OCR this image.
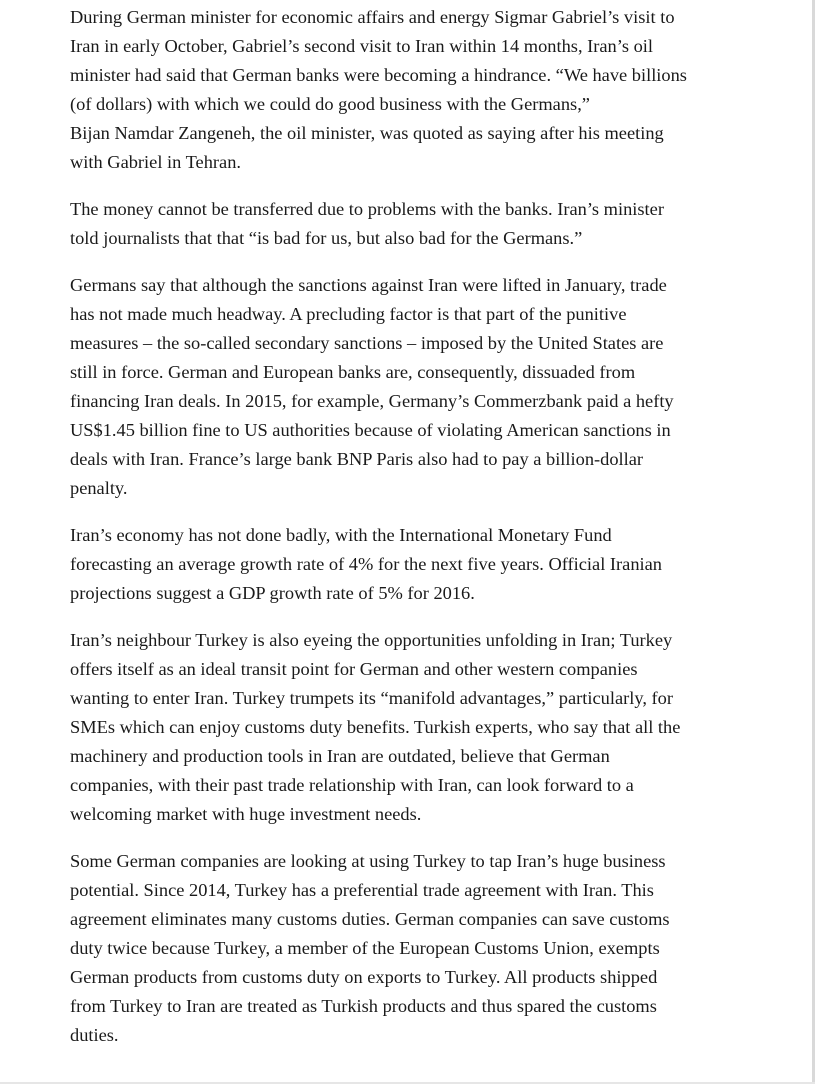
During German minister for economic affairs and energy Sigmar Gabriel’s visit to
Iran in early October, Gabriel’s second visit to Iran within 14 months, Iran’s oil
minister had said that German banks were becoming a hindrance. “We have billions
(of dollars) with which we could do good business with the Germans,”
Bijan Namdar Zangeneh, the oil minister, was quoted as saying after his meeting
with Gabriel in Tehran.

The money cannot be transferred due to problems with the banks. Iran’s minister
told journalists that that “is bad for us, but also bad for the Germans.”

Germans say that although the sanctions against Iran were lifted in January, trade
has not made much headway. A precluding factor is that part of the punitive
measures – the so-called secondary sanctions – imposed by the United States are
still in force. German and European banks are, consequently, dissuaded from
financing Iran deals. In 2015, for example, Germany’s Commerzbank paid a hefty
US$1.45 billion fine to US authorities because of violating American sanctions in
deals with Iran. France’s large bank BNP Paris also had to pay a billion-dollar
penalty.

Iran’s economy has not done badly, with the International Monetary Fund
forecasting an average growth rate of 4% for the next five years. Official Iranian
projections suggest a GDP growth rate of 5% for 2016.

Iran’s neighbour Turkey is also eyeing the opportunities unfolding in Iran; Turkey
offers itself as an ideal transit point for German and other western companies
wanting to enter Iran. Turkey trumpets its “manifold advantages,” particularly, for
SMEs which can enjoy customs duty benefits. Turkish experts, who say that all the
machinery and production tools in Iran are outdated, believe that German
companies, with their past trade relationship with Iran, can look forward to a
welcoming market with huge investment needs.

Some German companies are looking at using Turkey to tap Iran’s huge business
potential. Since 2014, Turkey has a preferential trade agreement with Iran. This
agreement eliminates many customs duties. German companies can save customs
duty twice because Turkey, a member of the European Customs Union, exempts
German products from customs duty on exports to Turkey. All products shipped
from Turkey to Iran are treated as Turkish products and thus spared the customs
duties.
